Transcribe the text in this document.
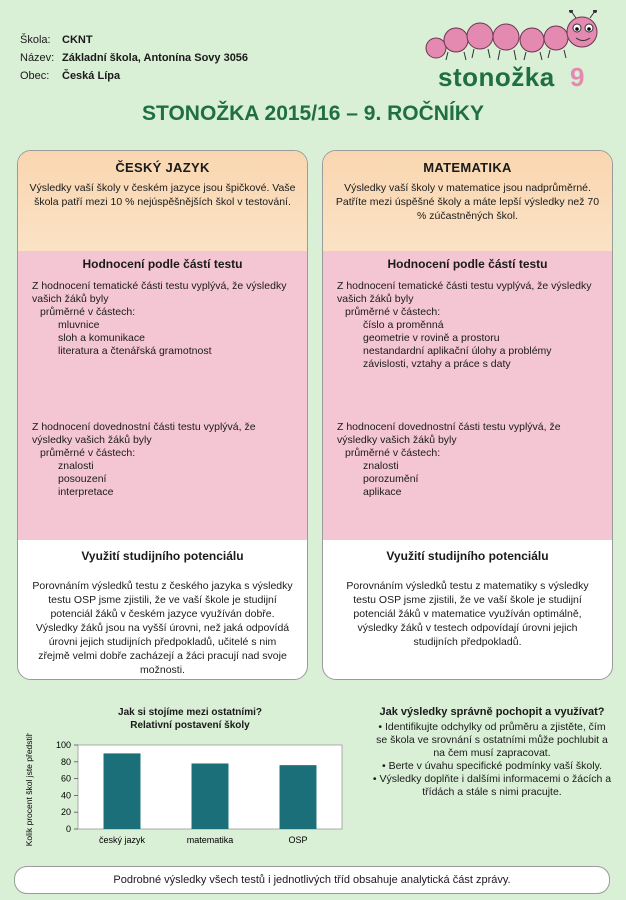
Škola:	CKNT
Název: Základní škola, Antonína Sovy 3056
Obec:	Česká Lípa	stonožka 9
STONOŽKA 2015/16 – 9. ROČNÍKY
ČESKÝ JAZYK
Výsledky vaší školy v českém jazyce jsou špičkové. Vaše škola patří mezi 10 % nejúspěšnějších škol v testování.
Hodnocení podle částí testu
Z hodnocení tematické části testu vyplývá, že výsledky vašich žáků byly
průměrné v částech:
mluvnice
sloh a komunikace
literatura a čtenářská gramotnost
Z hodnocení dovednostní části testu vyplývá, že výsledky vašich žáků byly
průměrné v částech:
znalosti
posouzení
interpretace
Využití studijního potenciálu
Porovnáním výsledků testu z českého jazyka s výsledky testu OSP jsme zjistili, že ve vaší škole je studijní potenciál žáků v českém jazyce využíván dobře. Výsledky žáků jsou na vyšší úrovni, než jaká odpovídá úrovni jejich studijních předpokladů, učitelé s nim zřejmě velmi dobře zacházejí a žáci pracují nad svoje možnosti.
MATEMATIKA
Výsledky vaší školy v matematice jsou nadprůměrné. Patříte mezi úspěšné školy a máte lepší výsledky než 70 % zúčastněných škol.
Hodnocení podle částí testu
Z hodnocení tematické části testu vyplývá, že výsledky vašich žáků byly
průměrné v částech:
číslo a proměnná
geometrie v rovině a prostoru
nestandardní aplikační úlohy a problémy
závislosti, vztahy a práce s daty
Z hodnocení dovednostní části testu vyplývá, že výsledky vašich žáků byly
průměrné v částech:
znalosti
porozumění
aplikace
Využití studijního potenciálu
Porovnáním výsledků testu z matematiky s výsledky testu OSP jsme zjistili, že ve vaší škole je studijní potenciál žáků v matematice využíván optimálně, výsledky žáků v testech odpovídají úrovni jejich studijních předpokladů.
Jak si stojíme mezi ostatními?
Relativní postavení školy
Kolik procent škol jste předstihli	0
20
40
60
80
100
český jazyk	matematika	OSP
Jak výsledky správně pochopit a využívat?
• Identifikujte odchylky od průměru a zjistěte, čím se škola ve srovnání s ostatními může pochlubit a na čem musí zapracovat.
• Berte v úvahu specifické podmínky vaší školy.
• Výsledky doplňte i dalšími informacemi o žácích a třídách a stále s nimi pracujte.
Podrobné výsledky všech testů i jednotlivých tříd obsahuje analytická část zprávy.
